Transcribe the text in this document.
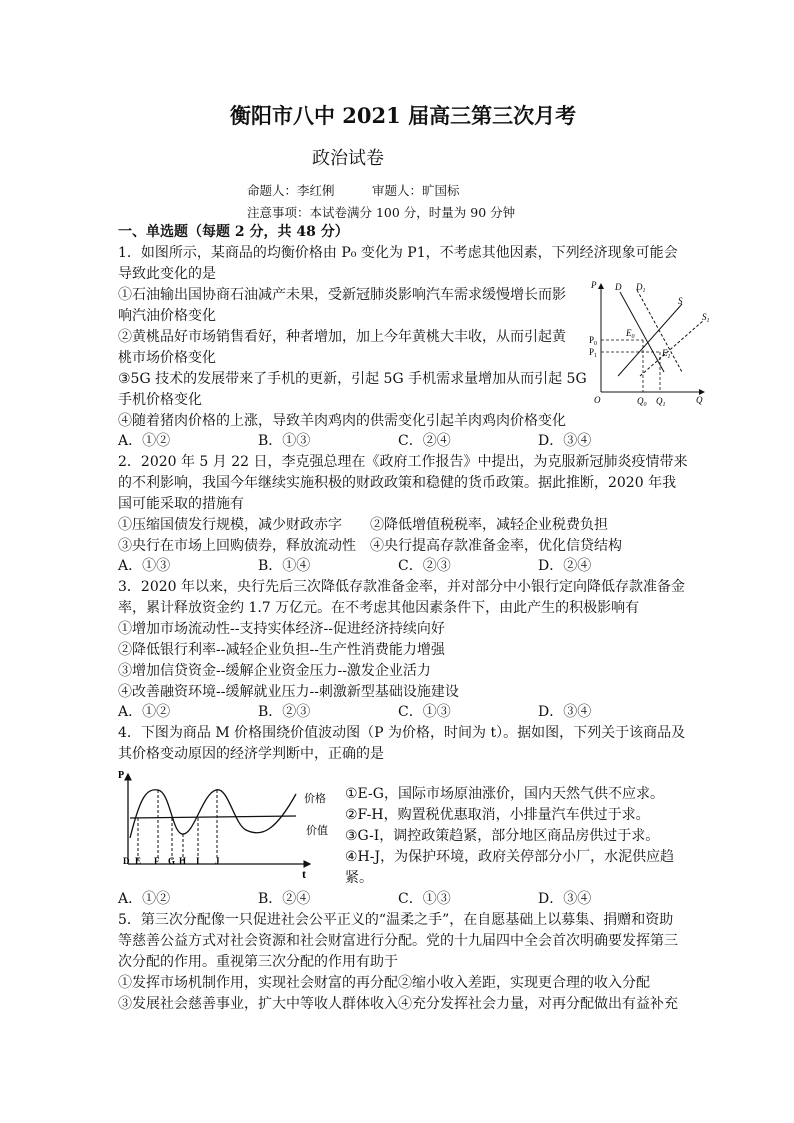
衡阳市八中 2021 届高三第三次月考
政治试卷
命题人：李红俐　　　审题人：旷国标
注意事项：本试卷满分 100 分，时量为 90 分钟
一、单选题（每题 2 分，共 48 分）
1．如图所示，某商品的均衡价格由 P₀ 变化为 P1，不考虑其他因素，下列经济现象可能会
导致此变化的是
①石油输出国协商石油减产未果，受新冠肺炎影响汽车需求缓慢增长而影
响汽油价格变化
②黄桃品好市场销售看好，种者增加，加上今年黄桃大丰收，从而引起黄
桃市场价格变化
③5G 技术的发展带来了手机的更新，引起 5G 手机需求量增加从而引起 5G
手机价格变化
④随着猪肉价格的上涨，导致羊肉鸡肉的供需变化引起羊肉鸡肉价格变化
A．①②	B．①③	C．②④	D．③④
P D $D_1$
S
$S_1$
$P_0$
$P_1$
$E_0$
$E_1$
O	$Q_0$ $Q_1$	Q
2．2020 年 5 月 22 日，李克强总理在《政府工作报告》中提出，为克服新冠肺炎疫情带来
的不利影响，我国今年继续实施积极的财政政策和稳健的货币政策。据此推断，2020 年我
国可能采取的措施有
①压缩国债发行规模，减少财政赤字　　②降低增值税税率，减轻企业税费负担
③央行在市场上回购债券，释放流动性　④央行提高存款准备金率，优化信贷结构
A．①③	B．①④	C．②③	D．②④
3．2020 年以来，央行先后三次降低存款准备金率，并对部分中小银行定向降低存款准备金
率，累计释放资金约 1.7 万亿元。在不考虑其他因素条件下，由此产生的积极影响有
①增加市场流动性--支持实体经济--促进经济持续向好
②降低银行利率--减轻企业负担--生产性消费能力增强
③增加信贷资金--缓解企业资金压力--激发企业活力
④改善融资环境--缓解就业压力--刺激新型基础设施建设
A．①②	B．②③	C．①③	D．③④
4．下图为商品 M 价格围绕价值波动图（P 为价格，时间为 t）。据如图，下列关于该商品及
其价格变动原因的经济学判断中，正确的是
P
t
价格
价值
D E F G H I J
①E-G，国际市场原油涨价，国内天然气供不应求。
②F-H，购置税优惠取消，小排量汽车供过于求。
③G-I，调控政策趋紧，部分地区商品房供过于求。
④H-J，为保护环境，政府关停部分小厂，水泥供应趋
紧。
A．①②	B．②④	C．①③	D．③④
5．第三次分配像一只促进社会公平正义的“温柔之手”，在自愿基础上以募集、捐赠和资助
等慈善公益方式对社会资源和社会财富进行分配。党的十九届四中全会首次明确要发挥第三
次分配的作用。重视第三次分配的作用有助于
①发挥市场机制作用，实现社会财富的再分配②缩小收入差距，实现更合理的收入分配
③发展社会慈善事业，扩大中等收人群体收入④充分发挥社会力量，对再分配做出有益补充
